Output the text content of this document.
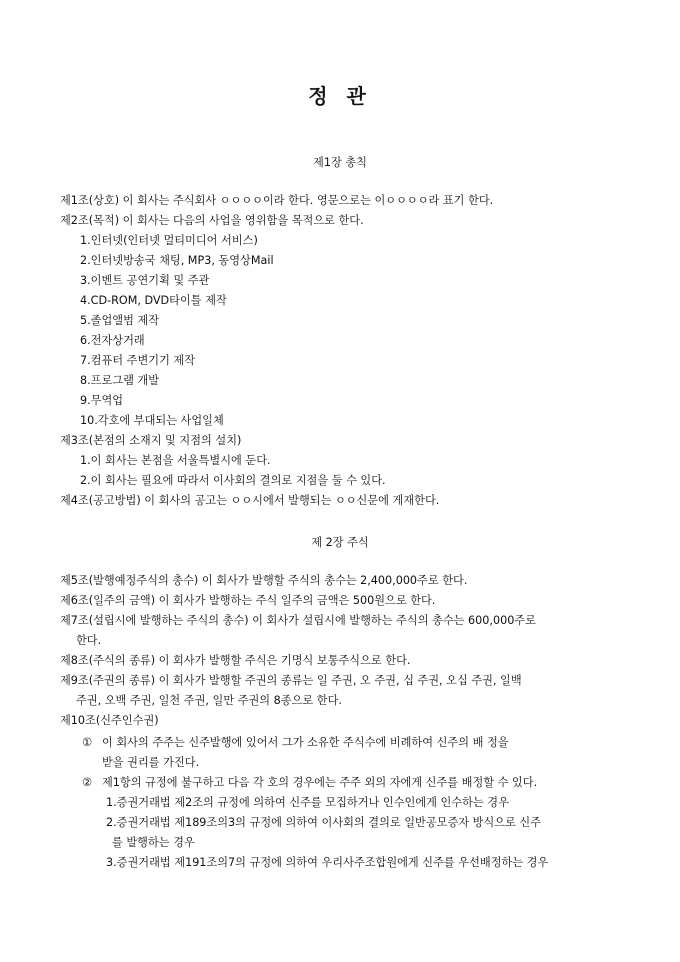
정 관
제1장 총칙
제1조(상호) 이 회사는 주식회사 ㅇㅇㅇㅇ이라 한다. 영문으로는 이ㅇㅇㅇㅇ라 표기 한다.
제2조(목적) 이 회사는 다음의 사업을 영위함을 목적으로 한다.
1.인터넷(인터넷 멀티미디어 서비스)
2.인터넷방송국 채팅, MP3, 동영상Mail
3.이벤트 공연기획 및 주관
4.CD-ROM, DVD타이틀 제작
5.졸업앨범 제작
6.전자상거래
7.컴퓨터 주변기기 제작
8.프로그램 개발
9.무역업
10.각호에 부대되는 사업일체
제3조(본점의 소재지 및 지점의 설치)
1.이 회사는 본점을 서울특별시에 둔다.
2.이 회사는 필요에 따라서 이사회의 결의로 지점을 둘 수 있다.
제4조(공고방법) 이 회사의 공고는 ㅇㅇ시에서 발행되는 ㅇㅇ신문에 게재한다.
제 2장 주식
제5조(발행예정주식의 총수) 이 회사가 발행할 주식의 총수는 2,400,000주로 한다.
제6조(일주의 금액) 이 회사가 발행하는 주식 일주의 금액은 500원으로 한다.
제7조(설립시에 발행하는 주식의 총수) 이 회사가 설립시에 발행하는 주식의 총수는 600,000주로
한다.
제8조(주식의 종류) 이 회사가 발행할 주식은 기명식 보통주식으로 한다.
제9조(주권의 종류) 이 회사가 발행할 주권의 종류는 일 주권, 오 주권, 십 주권, 오십 주권, 일백
주권, 오백 주권, 일천 주권, 일만 주권의 8종으로 한다.
제10조(신주인수권)
① 이 회사의 주주는 신주발행에 있어서 그가 소유한 주식수에 비례하여 신주의 배 정을
받을 권리를 가진다.
② 제1항의 규정에 불구하고 다음 각 호의 경우에는 주주 외의 자에게 신주를 배정할 수 있다.
1.증권거래법 제2조의 규정에 의하여 신주를 모집하거나 인수인에게 인수하는 경우
2.증권거래법 제189조의3의 규정에 의하여 이사회의 결의로 일반공모증자 방식으로 신주
를 발행하는 경우
3.증권거래법 제191조의7의 규정에 의하여 우리사주조합원에게 신주를 우선배정하는 경우
